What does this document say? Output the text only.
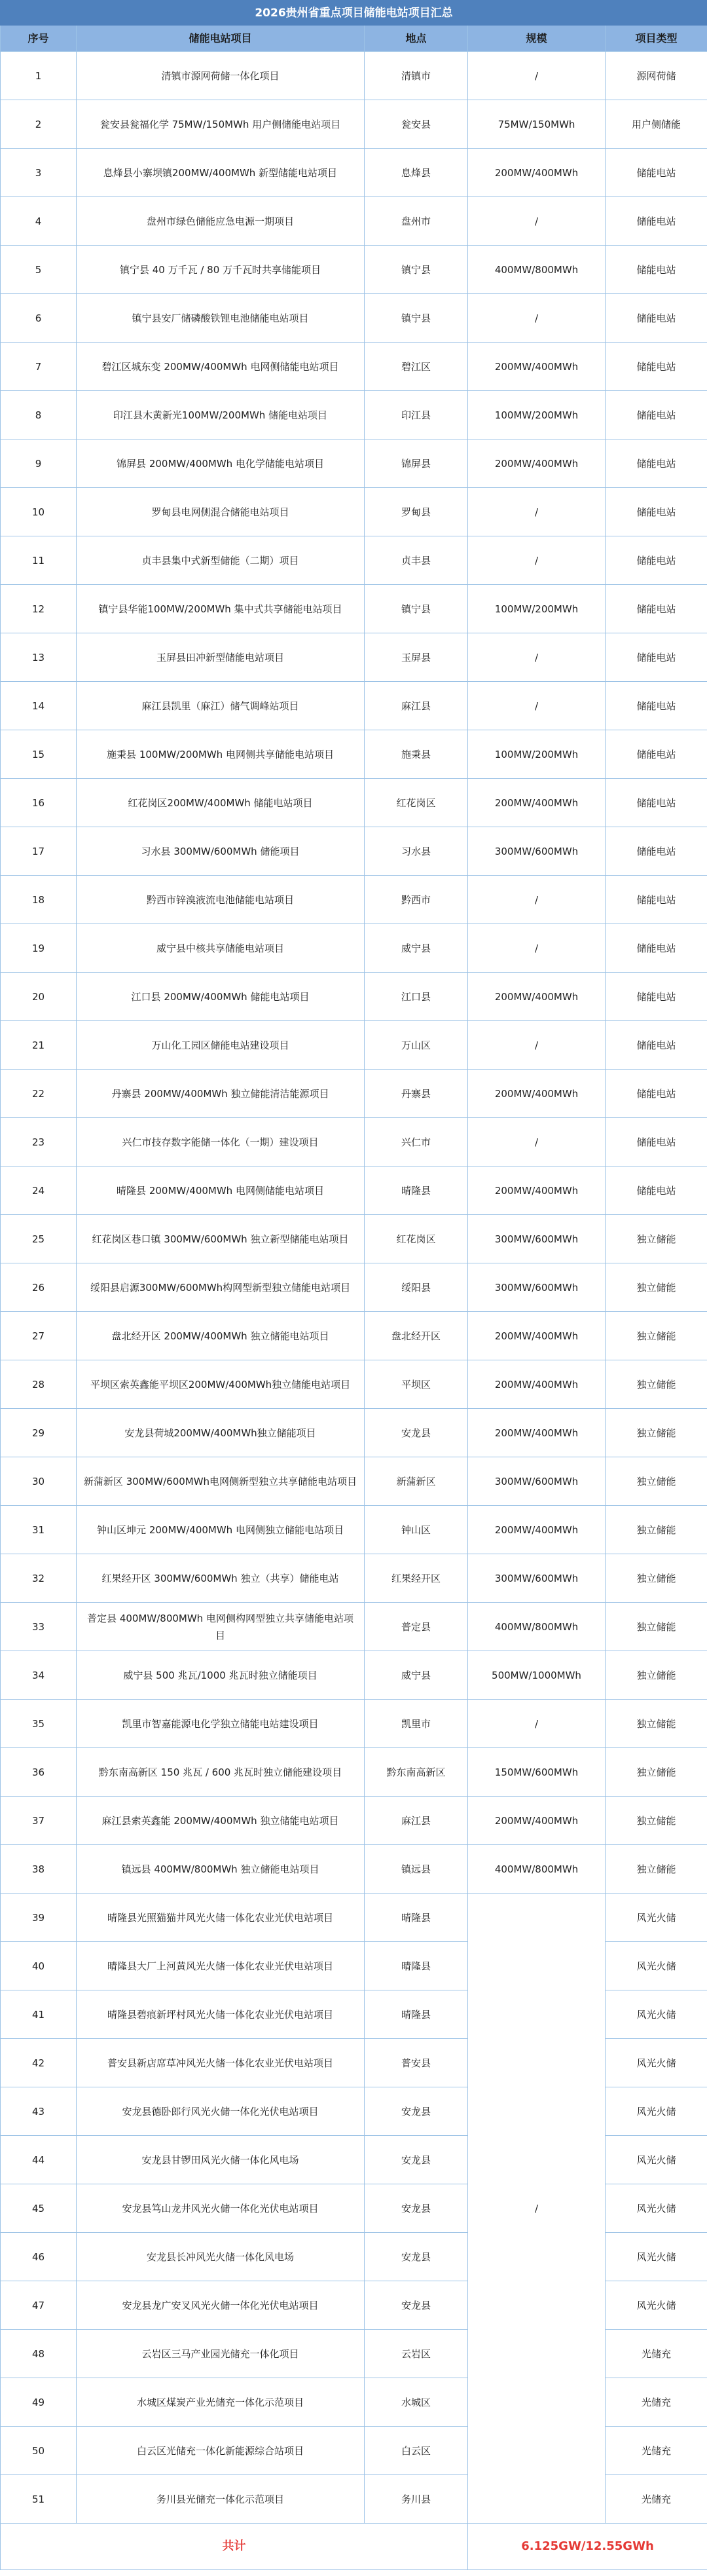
2026贵州省重点项目储能电站项目汇总				
序号	储能电站项目	地点	规模	项目类型
1	清镇市源网荷储一体化项目	清镇市	/	源网荷储
2	瓮安县瓮福化学 75MW/150MWh 用户侧储能电站项目	瓮安县	75MW/150MWh	用户侧储能
3	息烽县小寨坝镇200MW/400MWh 新型储能电站项目	息烽县	200MW/400MWh	储能电站
4	盘州市绿色储能应急电源一期项目	盘州市	/	储能电站
5	镇宁县 40 万千瓦 / 80 万千瓦时共享储能项目	镇宁县	400MW/800MWh	储能电站
6	镇宁县安厂储磷酸铁锂电池储能电站项目	镇宁县	/	储能电站
7	碧江区城东变 200MW/400MWh 电网侧储能电站项目	碧江区	200MW/400MWh	储能电站
8	印江县木黄新光100MW/200MWh 储能电站项目	印江县	100MW/200MWh	储能电站
9	锦屏县 200MW/400MWh 电化学储能电站项目	锦屏县	200MW/400MWh	储能电站
10	罗甸县电网侧混合储能电站项目	罗甸县	/	储能电站
11	贞丰县集中式新型储能（二期）项目	贞丰县	/	储能电站
12	镇宁县华能100MW/200MWh 集中式共享储能电站项目	镇宁县	100MW/200MWh	储能电站
13	玉屏县田冲新型储能电站项目	玉屏县	/	储能电站
14	麻江县凯里（麻江）储气调峰站项目	麻江县	/	储能电站
15	施秉县 100MW/200MWh 电网侧共享储能电站项目	施秉县	100MW/200MWh	储能电站
16	红花岗区200MW/400MWh 储能电站项目	红花岗区	200MW/400MWh	储能电站
17	习水县 300MW/600MWh 储能项目	习水县	300MW/600MWh	储能电站
18	黔西市锌溴液流电池储能电站项目	黔西市	/	储能电站
19	威宁县中核共享储能电站项目	威宁县	/	储能电站
20	江口县 200MW/400MWh 储能电站项目	江口县	200MW/400MWh	储能电站
21	万山化工园区储能电站建设项目	万山区	/	储能电站
22	丹寨县 200MW/400MWh 独立储能清洁能源项目	丹寨县	200MW/400MWh	储能电站
23	兴仁市技存数字能储一体化（一期）建设项目	兴仁市	/	储能电站
24	晴隆县 200MW/400MWh 电网侧储能电站项目	晴隆县	200MW/400MWh	储能电站
25	红花岗区巷口镇 300MW/600MWh 独立新型储能电站项目	红花岗区	300MW/600MWh	独立储能
26	绥阳县启源300MW/600MWh构网型新型独立储能电站项目	绥阳县	300MW/600MWh	独立储能
27	盘北经开区 200MW/400MWh 独立储能电站项目	盘北经开区	200MW/400MWh	独立储能
28	平坝区索英鑫能平坝区200MW/400MWh独立储能电站项目	平坝区	200MW/400MWh	独立储能
29	安龙县荷城200MW/400MWh独立储能项目	安龙县	200MW/400MWh	独立储能
30	新蒲新区 300MW/600MWh电网侧新型独立共享储能电站项目	新蒲新区	300MW/600MWh	独立储能
31	钟山区坤元 200MW/400MWh 电网侧独立储能电站项目	钟山区	200MW/400MWh	独立储能
32	红果经开区 300MW/600MWh 独立（共享）储能电站	红果经开区	300MW/600MWh	独立储能
33	普定县 400MW/800MWh 电网侧构网型独立共享储能电站项目	普定县	400MW/800MWh	独立储能
34	威宁县 500 兆瓦/1000 兆瓦时独立储能项目	威宁县	500MW/1000MWh	独立储能
35	凯里市智嘉能源电化学独立储能电站建设项目	凯里市	/	独立储能
36	黔东南高新区 150 兆瓦 / 600 兆瓦时独立储能建设项目	黔东南高新区	150MW/600MWh	独立储能
37	麻江县索英鑫能 200MW/400MWh 独立储能电站项目	麻江县	200MW/400MWh	独立储能
38	镇远县 400MW/800MWh 独立储能电站项目	镇远县	400MW/800MWh	独立储能
39	晴隆县光照猫猫井风光火储一体化农业光伏电站项目	晴隆县	/	风光火储
40	晴隆县大厂上河黄风光火储一体化农业光伏电站项目	晴隆县		风光火储
41	晴隆县碧痕新坪村风光火储一体化农业光伏电站项目	晴隆县		风光火储
42	普安县新店席草冲风光火储一体化农业光伏电站项目	普安县		风光火储
43	安龙县德卧郎行风光火储一体化光伏电站项目	安龙县		风光火储
44	安龙县甘锣田风光火储一体化风电场	安龙县		风光火储
45	安龙县笃山龙井风光火储一体化光伏电站项目	安龙县		风光火储
46	安龙县长冲风光火储一体化风电场	安龙县		风光火储
47	安龙县龙广安叉风光火储一体化光伏电站项目	安龙县		风光火储
48	云岩区三马产业园光储充一体化项目	云岩区		光储充
49	水城区煤炭产业光储充一体化示范项目	水城区		光储充
50	白云区光储充一体化新能源综合站项目	白云区		光储充
51	务川县光储充一体化示范项目	务川县		光储充
共计			6.125GW/12.55GWh	
